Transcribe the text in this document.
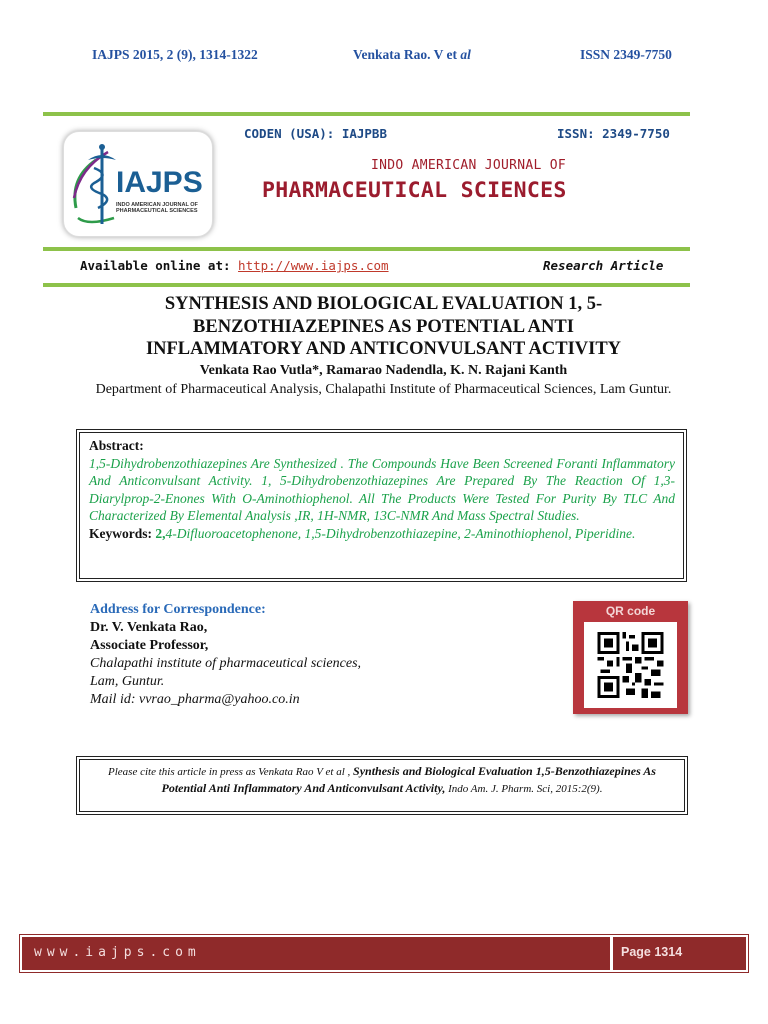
IAJPS 2015, 2 (9), 1314-1322	Venkata Rao. V et al	ISSN 2349-7750
IAJPS
INDO AMERICAN JOURNAL OF PHARMACEUTICAL SCIENCES
CODEN (USA): IAJPBB	ISSN: 2349-7750
INDO AMERICAN JOURNAL OF
PHARMACEUTICAL SCIENCES
Available online at: http://www.iajps.com	Research Article
SYNTHESIS AND BIOLOGICAL EVALUATION 1, 5-
BENZOTHIAZEPINES AS POTENTIAL ANTI
INFLAMMATORY AND ANTICONVULSANT ACTIVITY
Venkata Rao Vutla*, Ramarao Nadendla, K. N. Rajani Kanth
Department of Pharmaceutical Analysis, Chalapathi Institute of Pharmaceutical Sciences, Lam Guntur.
Abstract:
1,5-Dihydrobenzothiazepines Are Synthesized . The Compounds Have Been Screened Foranti Inflammatory And Anticonvulsant Activity. 1, 5-Dihydrobenzothiazepines Are Prepared By The Reaction Of 1,3-Diarylprop-2-Enones With O-Aminothiophenol. All The Products Were Tested For Purity By TLC And Characterized By Elemental Analysis ,IR, 1H-NMR, 13C-NMR And Mass Spectral Studies.
Keywords: 2,4-Difluoroacetophenone, 1,5-Dihydrobenzothiazepine, 2-Aminothiophenol, Piperidine.
Address for Correspondence:
Dr. V. Venkata Rao,
Associate Professor,
Chalapathi institute of pharmaceutical sciences,
Lam, Guntur.
Mail id: vvrao_pharma@yahoo.co.in
QR code
Please cite this article in press as Venkata Rao V et al , Synthesis and Biological Evaluation 1,5-Benzothiazepines As Potential Anti Inflammatory And Anticonvulsant Activity, Indo Am. J. Pharm. Sci, 2015:2(9).
www.iajps.com	Page 1314
